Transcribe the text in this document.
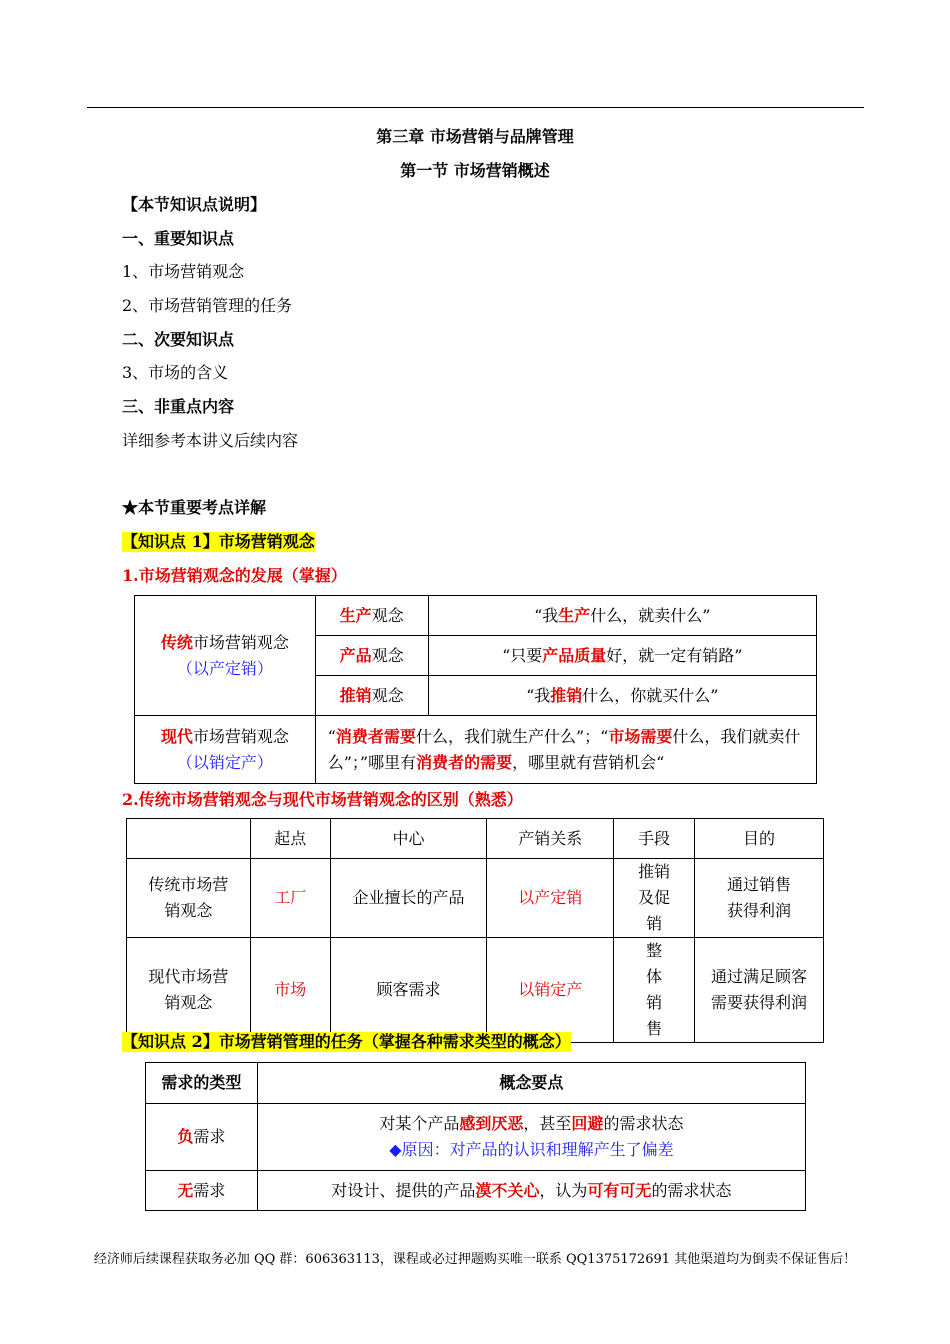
第三章 市场营销与品牌管理
第一节 市场营销概述
【本节知识点说明】
一、重要知识点
1、市场营销观念
2、市场营销管理的任务
二、次要知识点
3、市场的含义
三、非重点内容
详细参考本讲义后续内容
★本节重要考点详解
【知识点 1】市场营销观念
1.市场营销观念的发展（掌握）
传统市场营销观念
（以产定销）	生产观念	“我生产什么，就卖什么”
	产品观念	“只要产品质量好，就一定有销路”
	推销观念	“我推销什么，你就买什么”

现代市场营销观念
（以销定产）	“消费者需要什么，我们就生产什么”；“市场需要什么，我们就卖什么”；”哪里有消费者的需要，哪里就有营销机会“	
2.传统市场营销观念与现代市场营销观念的区别（熟悉）
	起点	中心	产销关系	手段	目的
传统市场营销观念	工厂	企业擅长的产品	以产定销	推销及促销	通过销售获得利润
现代市场营销观念	市场	顾客需求	以销定产	整体销售	通过满足顾客需要获得利润
【知识点 2】市场营销管理的任务（掌握各种需求类型的概念）
需求的类型	概念要点
负需求	对某个产品感到厌恶，甚至回避的需求状态
◆原因：对产品的认识和理解产生了偏差

无需求	对设计、提供的产品漠不关心，认为可有可无的需求状态
经济师后续课程获取务必加 QQ 群：606363113，课程或必过押题购买唯一联系 QQ1375172691 其他渠道均为倒卖不保证售后！
